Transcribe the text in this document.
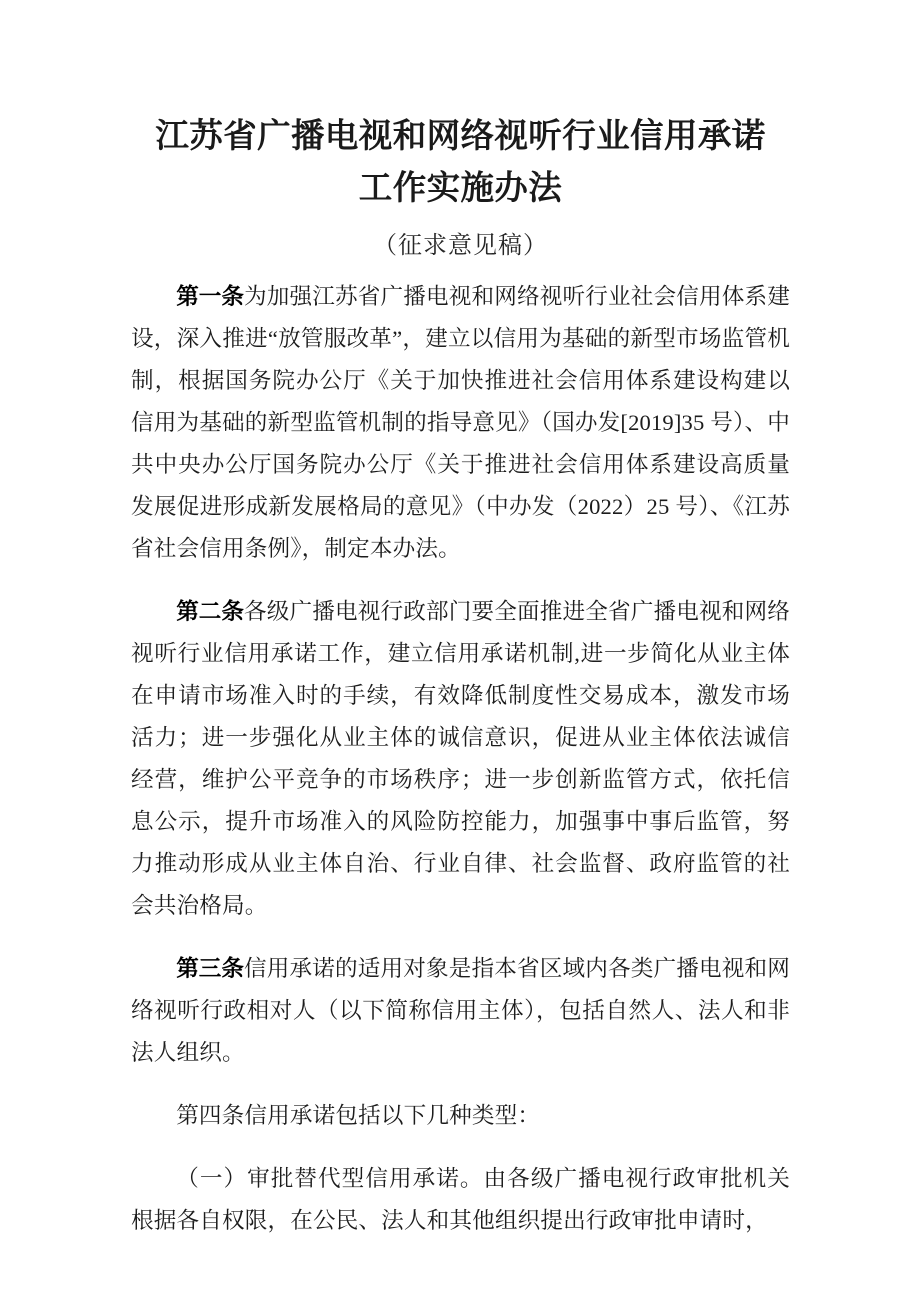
江苏省广播电视和网络视听行业信用承诺
工作实施办法

（征求意见稿）

第一条为加强江苏省广播电视和网络视听行业社会信用体系建设，深入推进“放管服改革”，建立以信用为基础的新型市场监管机制，根据国务院办公厅《关于加快推进社会信用体系建设构建以信用为基础的新型监管机制的指导意见》（国办发[2019]35 号）、中共中央办公厅国务院办公厅《关于推进社会信用体系建设高质量发展促进形成新发展格局的意见》（中办发（2022）25 号）、《江苏省社会信用条例》，制定本办法。

第二条各级广播电视行政部门要全面推进全省广播电视和网络视听行业信用承诺工作，建立信用承诺机制,进一步简化从业主体在申请市场准入时的手续，有效降低制度性交易成本，激发市场活力；进一步强化从业主体的诚信意识，促进从业主体依法诚信经营，维护公平竞争的市场秩序；进一步创新监管方式，依托信息公示，提升市场准入的风险防控能力，加强事中事后监管，努力推动形成从业主体自治、行业自律、社会监督、政府监管的社会共治格局。

第三条信用承诺的适用对象是指本省区域内各类广播电视和网络视听行政相对人（以下简称信用主体），包括自然人、法人和非法人组织。

第四条信用承诺包括以下几种类型：

（一）审批替代型信用承诺。由各级广播电视行政审批机关根据各自权限，在公民、法人和其他组织提出行政审批申请时，
